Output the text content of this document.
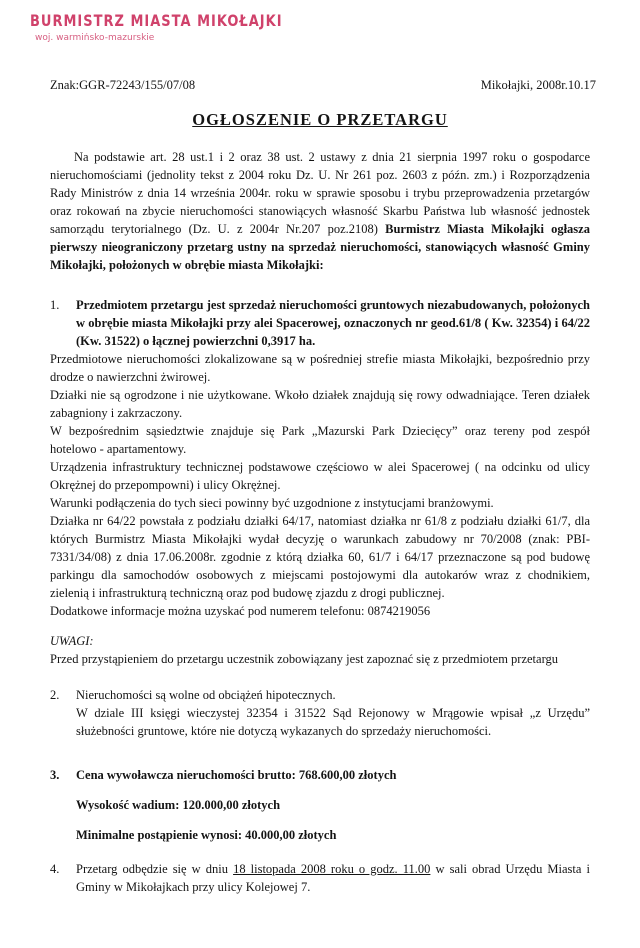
BURMISTRZ MIASTA MIKOŁAJKI
woj. warmińsko-mazurskie
Znak:GGR-72243/155/07/08	Mikołajki, 2008r.10.17
OGŁOSZENIE O PRZETARGU
Na podstawie art. 28 ust.1 i 2 oraz 38 ust. 2 ustawy z dnia 21 sierpnia 1997 roku o gospodarce nieruchomościami (jednolity tekst z 2004 roku Dz. U. Nr 261 poz. 2603 z późn. zm.) i Rozporządzenia Rady Ministrów z dnia 14 września 2004r. roku w sprawie sposobu i trybu przeprowadzenia przetargów oraz rokowań na zbycie nieruchomości stanowiących własność Skarbu Państwa lub własność jednostek samorządu terytorialnego (Dz. U. z 2004r Nr.207 poz.2108) Burmistrz Miasta Mikołajki ogłasza pierwszy nieograniczony przetarg ustny na sprzedaż nieruchomości, stanowiących własność Gminy Mikołajki, położonych w obrębie miasta Mikołajki:
1. Przedmiotem przetargu jest sprzedaż nieruchomości gruntowych niezabudowanych, położonych w obrębie miasta Mikołajki przy alei Spacerowej, oznaczonych nr geod.61/8 ( Kw. 32354) i 64/22 (Kw. 31522) o łącznej powierzchni 0,3917 ha.
Przedmiotowe nieruchomości zlokalizowane są w pośredniej strefie miasta Mikołajki, bezpośrednio przy drodze o nawierzchni żwirowej.
Działki nie są ogrodzone i nie użytkowane. Wkoło działek znajdują się rowy odwadniające. Teren działek zabagniony i zakrzaczony.
W bezpośrednim sąsiedztwie znajduje się Park „Mazurski Park Dziecięcy” oraz tereny pod zespół hotelowo - apartamentowy.
Urządzenia infrastruktury technicznej podstawowe częściowo w alei Spacerowej ( na odcinku od ulicy Okrężnej do przepompowni) i ulicy Okrężnej.
Warunki podłączenia do tych sieci powinny być uzgodnione z instytucjami branżowymi.
Działka nr 64/22 powstała z podziału działki 64/17, natomiast działka nr 61/8 z podziału działki 61/7, dla których Burmistrz Miasta Mikołajki wydał decyzję o warunkach zabudowy nr 70/2008 (znak: PBI-7331/34/08) z dnia 17.06.2008r. zgodnie z którą działka 60, 61/7 i 64/17 przeznaczone są pod budowę parkingu dla samochodów osobowych z miejscami postojowymi dla autokarów wraz z chodnikiem, zielenią i infrastrukturą techniczną oraz pod budowę zjazdu z drogi publicznej.
Dodatkowe informacje można uzyskać pod numerem telefonu: 0874219056
UWAGI:
Przed przystąpieniem do przetargu uczestnik zobowiązany jest zapoznać się z przedmiotem przetargu
2. Nieruchomości są wolne od obciążeń hipotecznych.
W dziale III księgi wieczystej 32354 i 31522 Sąd Rejonowy w Mrągowie wpisał „z Urzędu” służebności gruntowe, które nie dotyczą wykazanych do sprzedaży nieruchomości.
3. Cena wywoławcza nieruchomości brutto: 768.600,00 złotych
Wysokość wadium: 120.000,00 złotych
Minimalne postąpienie wynosi: 40.000,00 złotych
4. Przetarg odbędzie się w dniu 18 listopada 2008 roku o godz. 11.00 w sali obrad Urzędu Miasta i Gminy w Mikołajkach przy ulicy Kolejowej 7.
